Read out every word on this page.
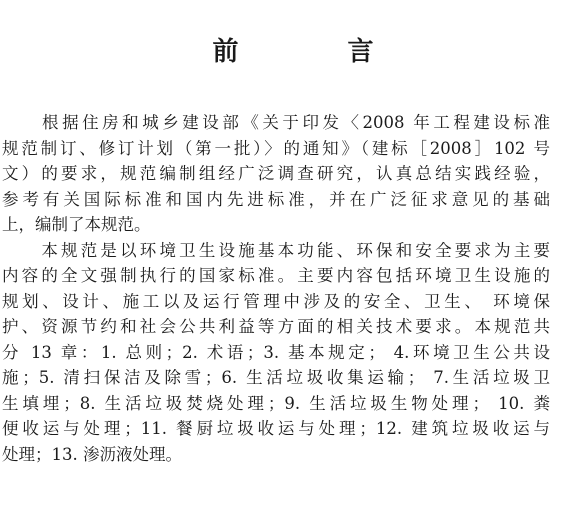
前 言
　　根据住房和城乡建设部《关于印发〈2008 年工程建设标准
规范制订、修订计划（第一批）〉的通知》（建标［2008］102 号
文）的要求，规范编制组经广泛调查研究，认真总结实践经验，
参考有关国际标准和国内先进标准，并在广泛征求意见的基础
上，编制了本规范。
　　本规范是以环境卫生设施基本功能、环保和安全要求为主要
内容的全文强制执行的国家标准。主要内容包括环境卫生设施的
规划、设计、施工以及运行管理中涉及的安全、卫生、 环境保
护、资源节约和社会公共利益等方面的相关技术要求。本规范共
分 13 章：1. 总则；2. 术语；3. 基本规定； 4.环境卫生公共设
施；5. 清扫保洁及除雪；6. 生活垃圾收集运输； 7.生活垃圾卫
生填埋；8. 生活垃圾焚烧处理；9. 生活垃圾生物处理； 10. 粪
便收运与处理；11. 餐厨垃圾收运与处理；12. 建筑垃圾收运与
处理；13. 渗沥液处理。
